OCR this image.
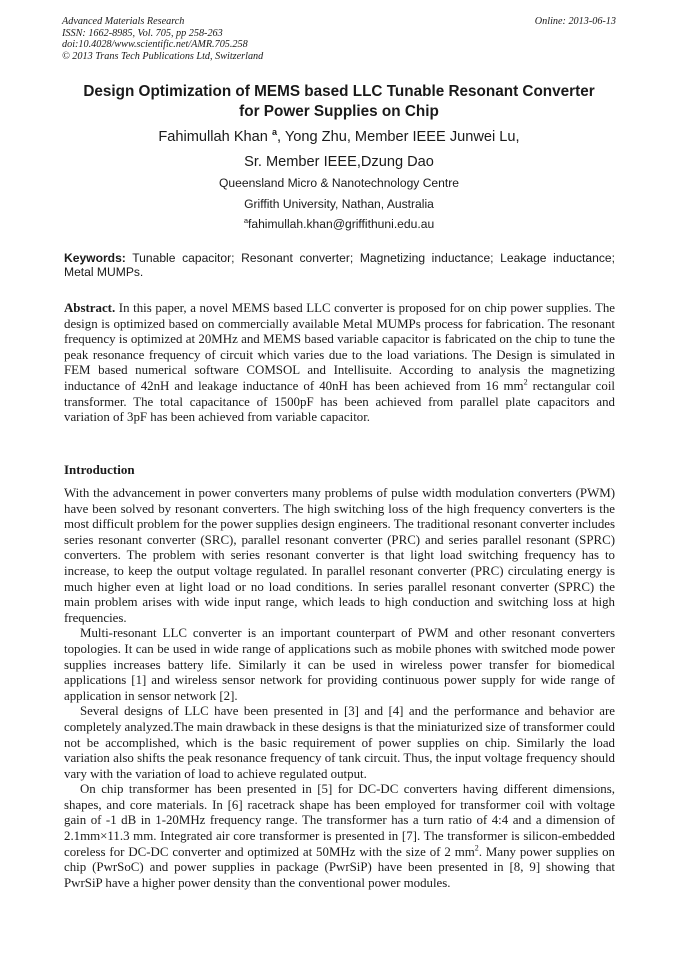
Advanced Materials Research
ISSN: 1662-8985, Vol. 705, pp 258-263
doi:10.4028/www.scientific.net/AMR.705.258
© 2013 Trans Tech Publications Ltd, Switzerland
Online: 2013-06-13
Design Optimization of MEMS based LLC Tunable Resonant Converter
for Power Supplies on Chip
Fahimullah Khan $^a$, Yong Zhu, Member IEEE Junwei Lu,
Sr. Member IEEE,Dzung Dao
Queensland Micro & Nanotechnology Centre
Griffith University, Nathan, Australia
$^a$fahimullah.khan@griffithuni.edu.au
Keywords: Tunable capacitor; Resonant converter; Magnetizing inductance; Leakage inductance; Metal MUMPs.

Abstract. In this paper, a novel MEMS based LLC converter is proposed for on chip power supplies. The design is optimized based on commercially available Metal MUMPs process for fabrication. The resonant frequency is optimized at 20MHz and MEMS based variable capacitor is fabricated on the chip to tune the peak resonance frequency of circuit which varies due to the load variations. The Design is simulated in FEM based numerical software COMSOL and Intellisuite. According to analysis the magnetizing inductance of 42nH and leakage inductance of 40nH has been achieved from 16 $mm^2$ rectangular coil transformer. The total capacitance of 1500pF has been achieved from parallel plate capacitors and variation of 3pF has been achieved from variable capacitor.

Introduction

With the advancement in power converters many problems of pulse width modulation converters (PWM) have been solved by resonant converters. The high switching loss of the high frequency converters is the most difficult problem for the power supplies design engineers. The traditional resonant converter includes series resonant converter (SRC), parallel resonant converter (PRC) and series parallel resonant (SPRC) converters. The problem with series resonant converter is that light load switching frequency has to increase, to keep the output voltage regulated. In parallel resonant converter (PRC) circulating energy is much higher even at light load or no load conditions. In series parallel resonant converter (SPRC) the main problem arises with wide input range, which leads to high conduction and switching loss at high frequencies.

Multi-resonant LLC converter is an important counterpart of PWM and other resonant converters topologies. It can be used in wide range of applications such as mobile phones with switched mode power supplies increases battery life. Similarly it can be used in wireless power transfer for biomedical applications [1] and wireless sensor network for providing continuous power supply for wide range of application in sensor network [2].

Several designs of LLC have been presented in [3] and [4] and the performance and behavior are completely analyzed.The main drawback in these designs is that the miniaturized size of transformer could not be accomplished, which is the basic requirement of power supplies on chip. Similarly the load variation also shifts the peak resonance frequency of tank circuit. Thus, the input voltage frequency should vary with the variation of load to achieve regulated output.

On chip transformer has been presented in [5] for DC-DC converters having different dimensions, shapes, and core materials. In [6] racetrack shape has been employed for transformer coil with voltage gain of -1 dB in 1-20MHz frequency range. The transformer has a turn ratio of 4:4 and a dimension of 2.1mm×11.3 mm. Integrated air core transformer is presented in [7]. The transformer is silicon-embedded coreless for DC-DC converter and optimized at 50MHz with the size of 2 $mm^2$. Many power supplies on chip (PwrSoC) and power supplies in package (PwrSiP) have been presented in [8, 9] showing that PwrSiP have a higher power density than the conventional power modules.
